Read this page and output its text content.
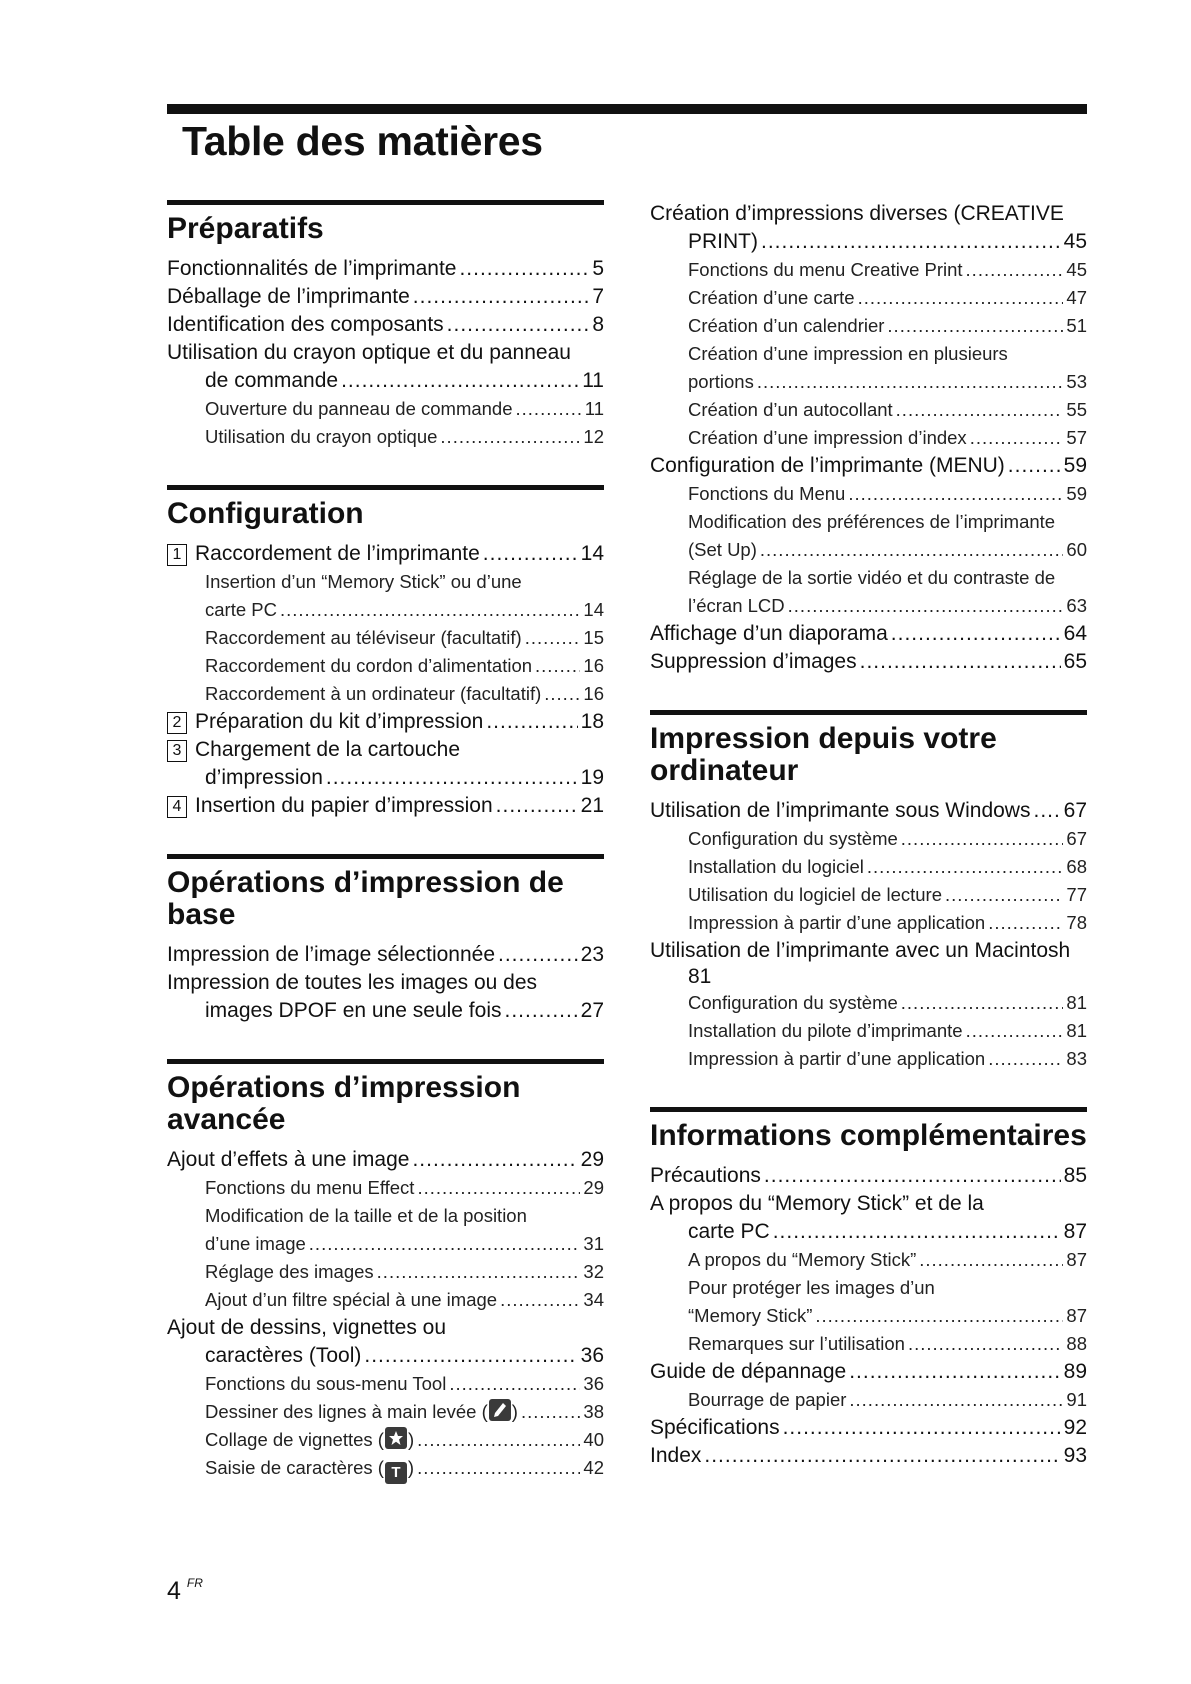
Table des matières
Préparatifs
Fonctionnalités de l’imprimante .....	5
Déballage de l’imprimante .....	7
Identification des composants .....	8
Utilisation du crayon optique et du panneau
de commande .....	11
Ouverture du panneau de commande .....	11
Utilisation du crayon optique .....	12
Configuration
1 Raccordement de l’imprimante .....	14
Insertion d’un “Memory Stick” ou d’une
carte PC .....	14
Raccordement au téléviseur (facultatif) .....	15
Raccordement du cordon d’alimentation .....	16
Raccordement à un ordinateur (facultatif) ..... 16
2 Préparation du kit d’impression .....	18
3 Chargement de la cartouche
d’impression .....	19
4 Insertion du papier d’impression .....	21
Opérations d’impression de base
Impression de l’image sélectionnée .....	23
Impression de toutes les images ou des
images DPOF en une seule fois .....	27
Opérations d’impression
avancée
Ajout d’effets à une image .....	29
Fonctions du menu Effect .....	29
Modification de la taille et de la position
d’une image .....	31
Réglage des images .....	32
Ajout d’un filtre spécial à une image .....	34
Ajout de dessins, vignettes ou
caractères (Tool) .....	36
Fonctions du sous-menu Tool .....	36
Dessiner des lignes à main levée ( ) .....	38
Collage de vignettes ( ) .....	40
Saisie de caractères ( T ) .....	42
Création d’impressions diverses (CREATIVE
PRINT) .....	45
Fonctions du menu Creative Print .....	45
Création d’une carte .....	47
Création d’un calendrier .....	51
Création d’une impression en plusieurs
portions .....	53
Création d’un autocollant .....	55
Création d’une impression d’index .....	57
Configuration de l’imprimante (MENU) .....	59
Fonctions du Menu .....	59
Modification des préférences de l’imprimante
(Set Up) .....	60
Réglage de la sortie vidéo et du contraste de
l’écran LCD .....	63
Affichage d’un diaporama .....	64
Suppression d’images .....	65
Impression depuis votre
ordinateur
Utilisation de l’imprimante sous Windows ..... 67
Configuration du système .....	67
Installation du logiciel .....	68
Utilisation du logiciel de lecture .....	77
Impression à partir d’une application .....	78
Utilisation de l’imprimante avec un Macintosh
81
Configuration du système .....	81
Installation du pilote d’imprimante .....	81
Impression à partir d’une application .....	83
Informations complémentaires
Précautions .....	85
A propos du “Memory Stick” et de la
carte PC .....	87
A propos du “Memory Stick” .....	87
Pour protéger les images d’un
“Memory Stick” .....	87
Remarques sur l’utilisation .....	88
Guide de dépannage .....	89
Bourrage de papier .....	91
Spécifications .....	92
Index .....	93
4 $^{FR}$
